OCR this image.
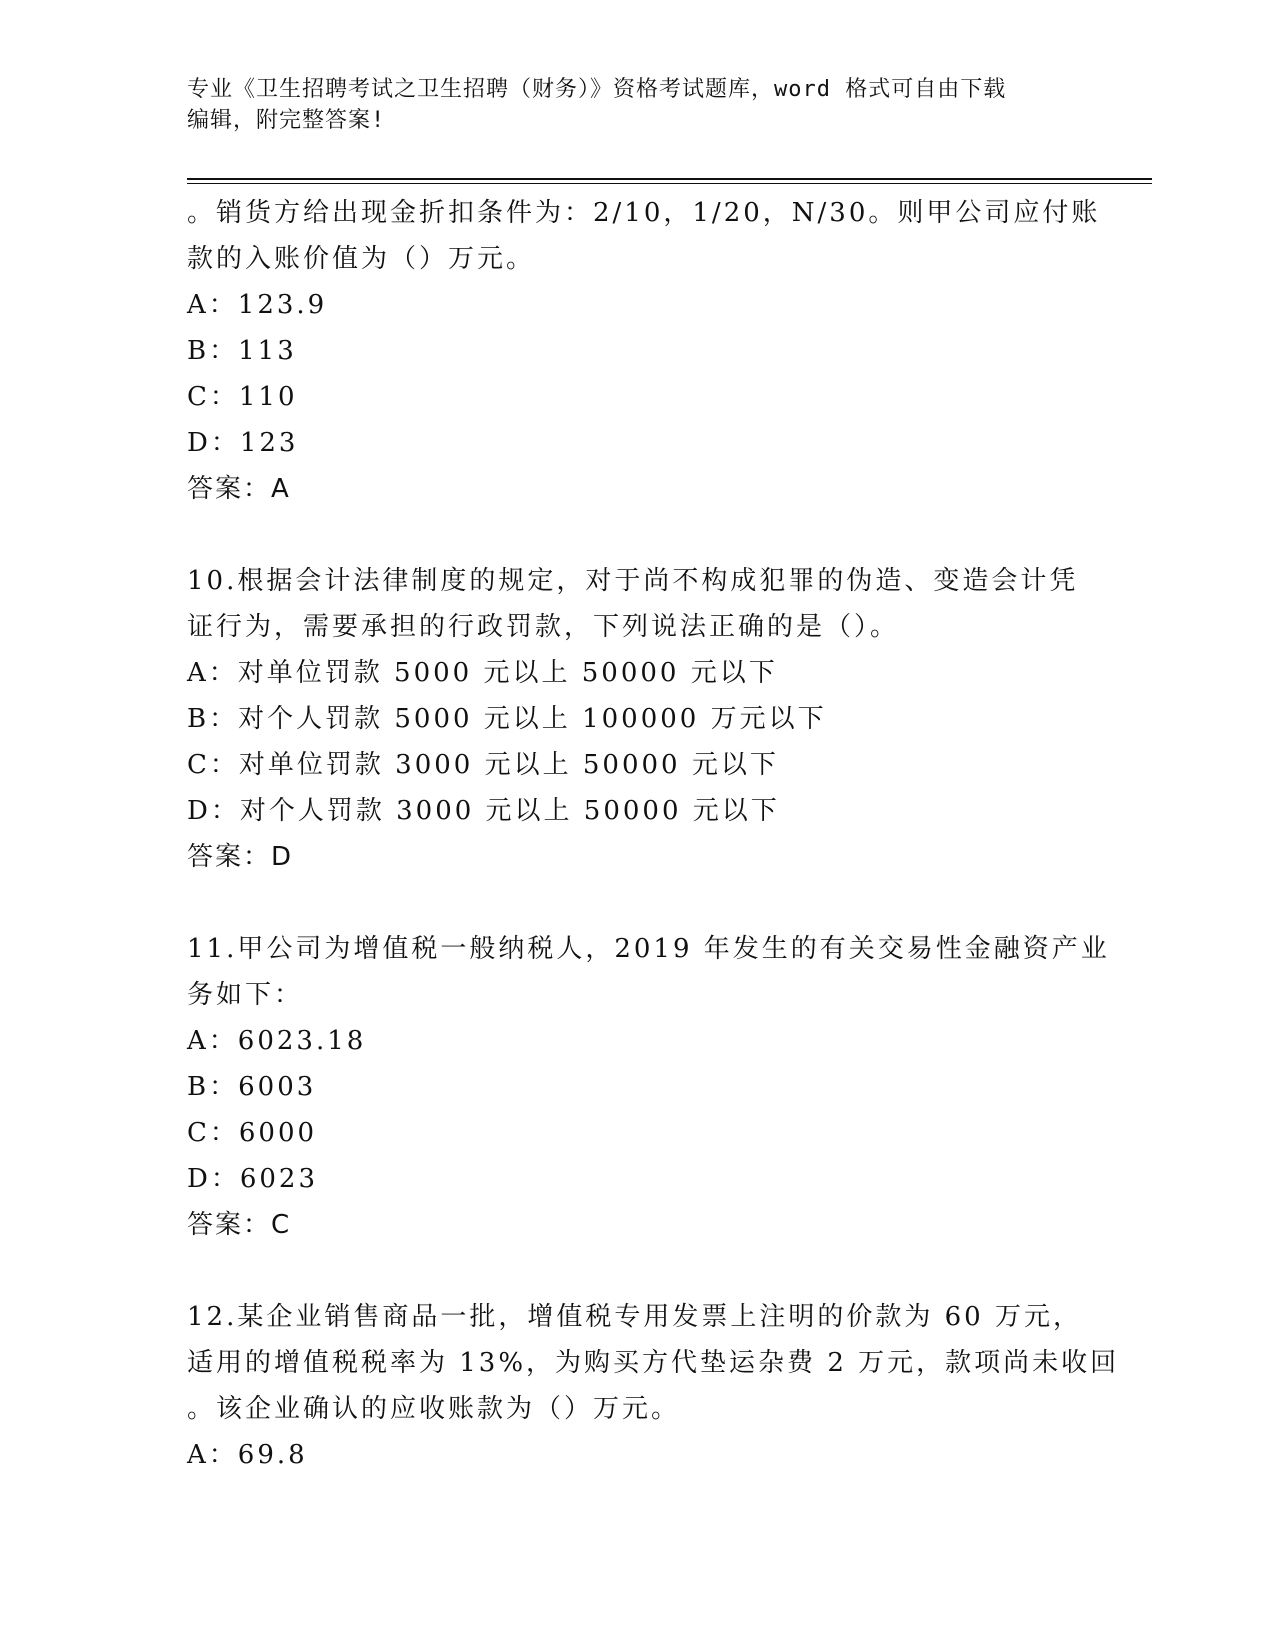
专业《卫生招聘考试之卫生招聘（财务）》资格考试题库，word 格式可自由下载
编辑，附完整答案!
。销货方给出现金折扣条件为：2/10，1/20，N/30。则甲公司应付账
款的入账价值为（）万元。
A：123.9
B：113
C：110
D：123
答案：A
10.根据会计法律制度的规定，对于尚不构成犯罪的伪造、变造会计凭
证行为，需要承担的行政罚款，下列说法正确的是（）。
A：对单位罚款 5000 元以上 50000 元以下
B：对个人罚款 5000 元以上 100000 万元以下
C：对单位罚款 3000 元以上 50000 元以下
D：对个人罚款 3000 元以上 50000 元以下
答案：D
11.甲公司为增值税一般纳税人，2019 年发生的有关交易性金融资产业
务如下：
A：6023.18
B：6003
C：6000
D：6023
答案：C
12.某企业销售商品一批，增值税专用发票上注明的价款为 60 万元，
适用的增值税税率为 13%，为购买方代垫运杂费 2 万元，款项尚未收回
。该企业确认的应收账款为（）万元。
A：69.8
